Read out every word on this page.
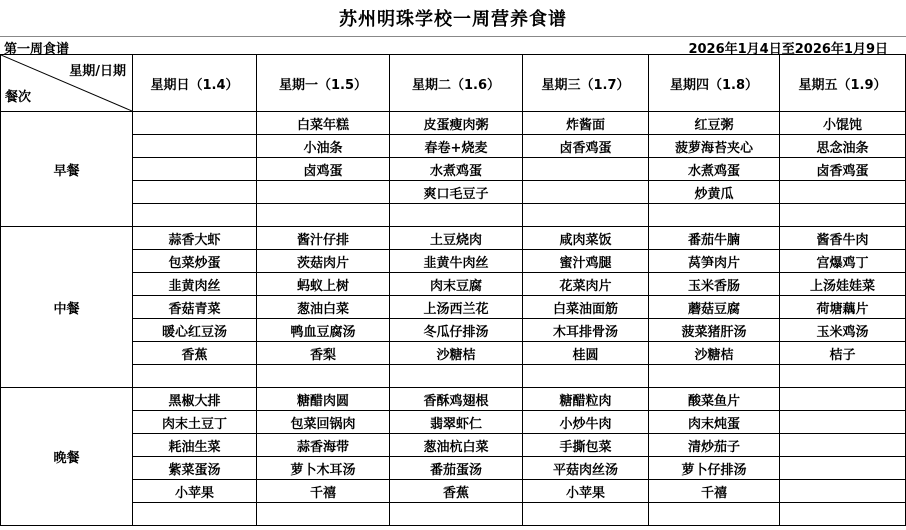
苏州明珠学校一周营养食谱
第一周食谱	2026年1月4日至2026年1月9日
星期/日期
餐次	星期日（1.4）	星期一（1.5）	星期二（1.6）	星期三（1.7）	星期四（1.8）	星期五（1.9）
早餐		白菜年糕	皮蛋瘦肉粥	炸酱面	红豆粥	小馄饨
		小油条	春卷+烧麦	卤香鸡蛋	菠萝海苔夹心	思念油条
		卤鸡蛋	水煮鸡蛋		水煮鸡蛋	卤香鸡蛋
			爽口毛豆子		炒黄瓜	

中餐	蒜香大虾	酱汁仔排	土豆烧肉	咸肉菜饭	番茄牛腩	酱香牛肉
	包菜炒蛋	茨菇肉片	韭黄牛肉丝	蜜汁鸡腿	莴笋肉片	宫爆鸡丁
	韭黄肉丝	蚂蚁上树	肉末豆腐	花菜肉片	玉米香肠	上汤娃娃菜
	香菇青菜	葱油白菜	上汤西兰花	白菜油面筋	蘑菇豆腐	荷塘藕片
	暖心红豆汤	鸭血豆腐汤	冬瓜仔排汤	木耳排骨汤	菠菜猪肝汤	玉米鸡汤
	香蕉	香梨	沙糖桔	桂圆	沙糖桔	桔子

晚餐	黑椒大排	糖醋肉圆	香酥鸡翅根	糖醋粒肉	酸菜鱼片	
	肉末土豆丁	包菜回锅肉	翡翠虾仁	小炒牛肉	肉末炖蛋	
	耗油生菜	蒜香海带	葱油杭白菜	手撕包菜	清炒茄子	
	紫菜蛋汤	萝卜木耳汤	番茄蛋汤	平菇肉丝汤	萝卜仔排汤	
	小苹果	千禧	香蕉	小苹果	千禧	
